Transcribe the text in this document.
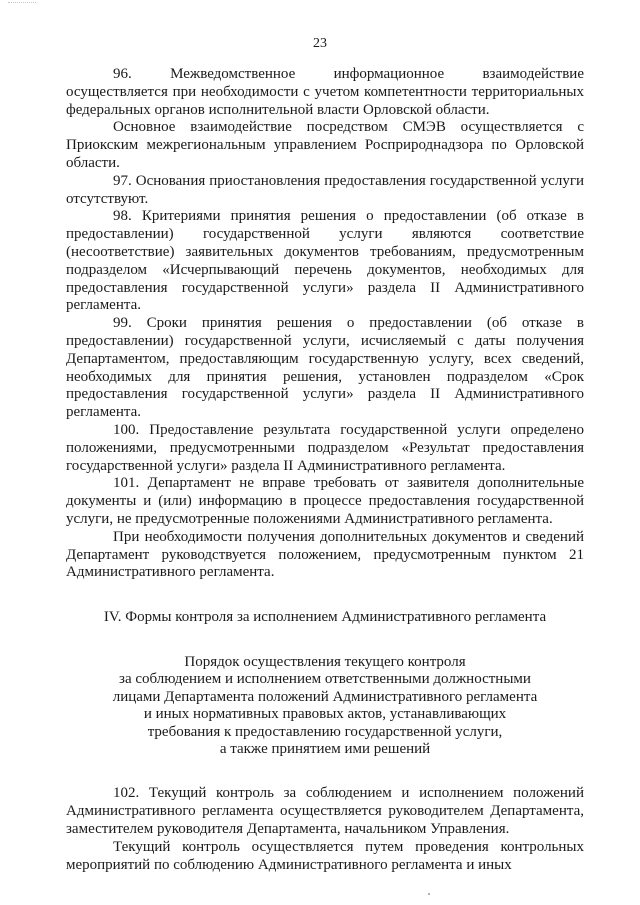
23

96. Межведомственное информационное взаимодействие осуществляется при необходимости с учетом компетентности территориальных федеральных органов исполнительной власти Орловской области.

Основное взаимодействие посредством СМЭВ осуществляется с Приокским межрегиональным управлением Росприроднадзора по Орловской области.

97. Основания приостановления предоставления государственной услуги отсутствуют.

98. Критериями принятия решения о предоставлении (об отказе в предоставлении) государственной услуги являются соответствие (несоответствие) заявительных документов требованиям, предусмотренным подразделом «Исчерпывающий перечень документов, необходимых для предоставления государственной услуги» раздела II Административного регламента.

99. Сроки принятия решения о предоставлении (об отказе в предоставлении) государственной услуги, исчисляемый с даты получения Департаментом, предоставляющим государственную услугу, всех сведений, необходимых для принятия решения, установлен подразделом «Срок предоставления государственной услуги» раздела II Административного регламента.

100. Предоставление результата государственной услуги определено положениями, предусмотренными подразделом «Результат предоставления государственной услуги» раздела II Административного регламента.

101. Департамент не вправе требовать от заявителя дополнительные документы и (или) информацию в процессе предоставления государственной услуги, не предусмотренные положениями Административного регламента.

При необходимости получения дополнительных документов и сведений Департамент руководствуется положением, предусмотренным пунктом 21 Административного регламента.

IV. Формы контроля за исполнением Административного регламента
Порядок осуществления текущего контроля
за соблюдением и исполнением ответственными должностными
лицами Департамента положений Административного регламента
и иных нормативных правовых актов, устанавливающих
требования к предоставлению государственной услуги,
а также принятием ими решений

102. Текущий контроль за соблюдением и исполнением положений Административного регламента осуществляется руководителем Департамента, заместителем руководителя Департамента, начальником Управления.

Текущий контроль осуществляется путем проведения контрольных мероприятий по соблюдению Административного регламента и иных
